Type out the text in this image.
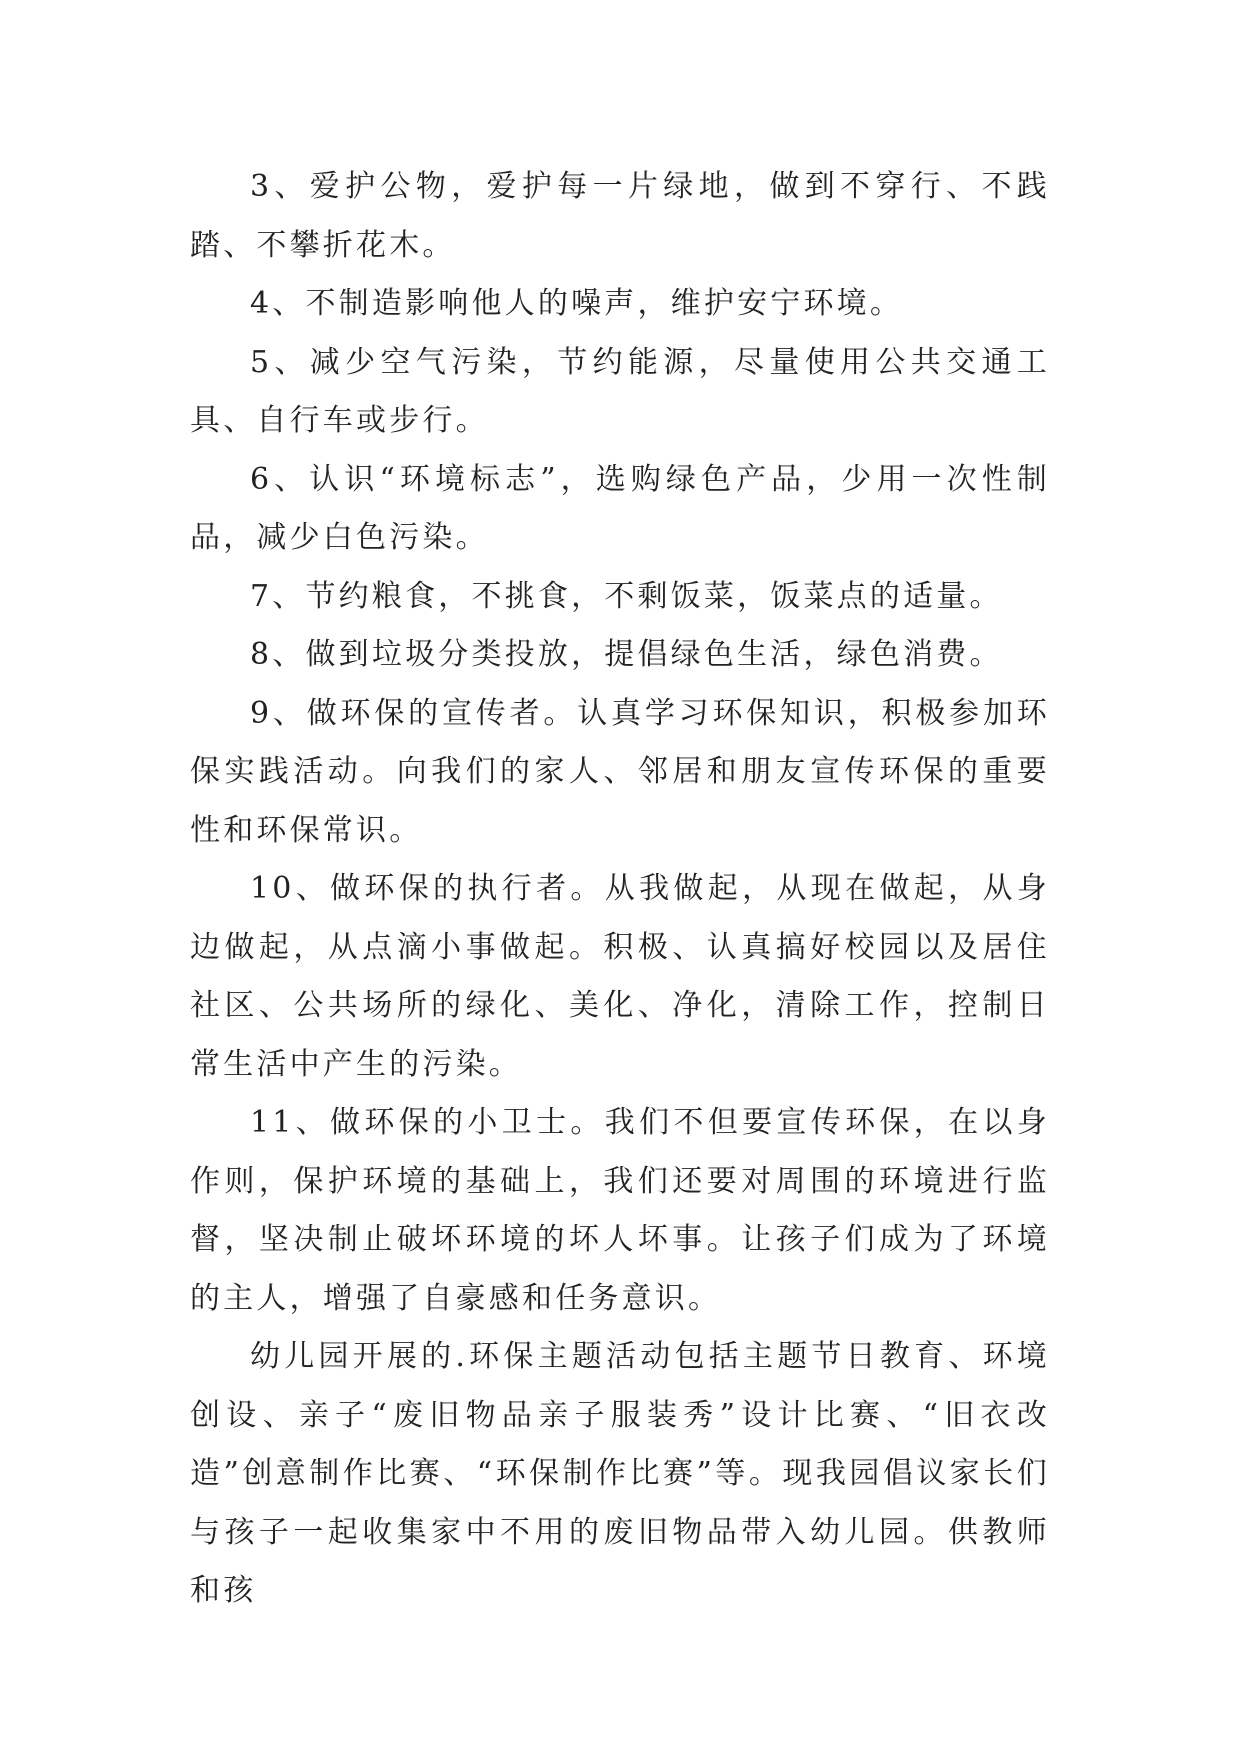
3、爱护公物，爱护每一片绿地，做到不穿行、不践踏、不攀折花木。

4、不制造影响他人的噪声，维护安宁环境。

5、减少空气污染，节约能源，尽量使用公共交通工具、自行车或步行。

6、认识“环境标志”，选购绿色产品，少用一次性制品，减少白色污染。

7、节约粮食，不挑食，不剩饭菜，饭菜点的适量。

8、做到垃圾分类投放，提倡绿色生活，绿色消费。

9、做环保的宣传者。认真学习环保知识，积极参加环保实践活动。向我们的家人、邻居和朋友宣传环保的重要性和环保常识。

10、做环保的执行者。从我做起，从现在做起，从身边做起，从点滴小事做起。积极、认真搞好校园以及居住社区、公共场所的绿化、美化、净化，清除工作，控制日常生活中产生的污染。

11、做环保的小卫士。我们不但要宣传环保，在以身作则，保护环境的基础上，我们还要对周围的环境进行监督，坚决制止破坏环境的坏人坏事。让孩子们成为了环境的主人，增强了自豪感和任务意识。

幼儿园开展的.环保主题活动包括主题节日教育、环境创设、亲子“废旧物品亲子服装秀”设计比赛、“旧衣改造”创意制作比赛、“环保制作比赛”等。现我园倡议家长们与孩子一起收集家中不用的废旧物品带入幼儿园。供教师和孩
